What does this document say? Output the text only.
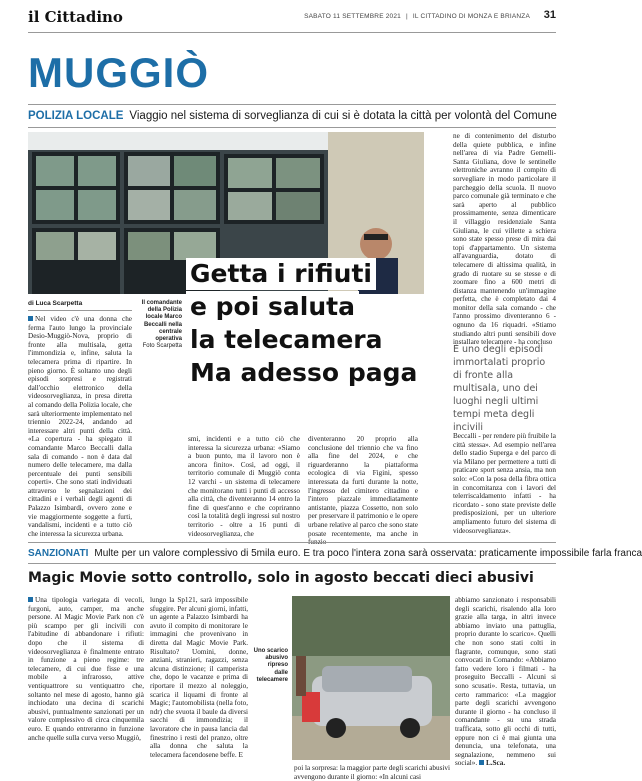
il Cittadino	SABATO 11 SETTEMBRE 2021 | IL CITTADINO DI MONZA E BRIANZA 31
MUGGIÒ
POLIZIA LOCALE Viaggio nel sistema di sorveglianza di cui si è dotata la città per volontà del Comune
Getta i rifiuti
e poi saluta
la telecamera
Ma adesso paga
di Luca Scarpetta
Nel video c'è una donna che ferma l'auto lungo la provinciale Desio-Muggiò-Nova, proprio di fronte alla multisala, getta l'immondizia e, infine, saluta la telecamera prima di ripartire. In pieno giorno. È soltanto uno degli episodi sorpresi e registrati dall'occhio elettronico della videosorveglianza, in presa diretta al comando della Polizia locale, che sarà ulteriormente implementato nel triennio 2022-24, andando ad interessare altri punti della città. «La copertura - ha spiegato il comandante Marco Beccalli dalla sala di comando - non è data dal numero delle telecamere, ma dalla percentuale dei punti sensibili coperti». Che sono stati individuati attraverso le segnalazioni dei cittadini e i verbali degli agenti di Palazzo Isimbardi, ovvero zone e vie maggiormente soggette a furti, vandalismi, incidenti e a tutto ciò che interessa la sicurezza urbana.
Il comandante
della Polizia
locale Marco
Beccalli nella
centrale
operativa
Foto Scarpetta
smi, incidenti e a tutto ciò che interessa la sicurezza urbana: «Siamo a buon punto, ma il lavoro non è ancora finito». Così, ad oggi, il territorio comunale di Muggiò conta 12 varchi - un sistema di telecamere che monitorano tutti i punti di accesso alla città, che diventeranno 14 entro la fine di quest'anno e che copriranno così la totalità degli ingressi sul nostro territorio - oltre a 16 punti di videosorveglianza, che
diventeranno 20 proprio alla conclusione del triennio che va fino alla fine del 2024, e che riguarderanno la piattaforma ecologica di via Figini, spesso interessata da furti durante la notte, l'ingresso del cimitero cittadino e l'intero piazzale immediatamente antistante, piazza Cossetto, non solo per preservare il patrimonio e le opere urbane relative al parco che sono state posate recentemente, ma anche in
ne di contenimento del disturbo della quiete pubblica, e infine nell'area di via Padre Gemelli-Santa Giuliana, dove le sentinelle elettroniche avranno il compito di sorvegliare in modo particolare il parcheggio della scuola. Il nuovo parco comunale già terminato e che sarà aperto al pubblico prossimamente, senza dimenticare il villaggio residenziale Santa Giuliana, le cui villette a schiera sono state spesso prese di mira dai topi d'appartamento. Un sistema all'avanguardia, dotato di telecamere di altissima qualità, in grado di ruotare su se stesse e di zoomare fino a 600 metri di distanza mantenendo un'immagine perfetta, che è completato dai 4 monitor della sala comando - che l'anno prossimo diventeranno 6 - ognuno da 16 riquadri. «Stiamo studiando altri punti sensibili dove installare telecamere - ha concluso
È uno degli episodi immortalati proprio di fronte alla multisala, uno dei luoghi negli ultimi tempi meta degli incivili
Beccalli - per rendere più fruibile la città stessa». Ad esempio nell'area dello stadio Superga e del parco di via Milano per permettere a tutti di praticare sport senza ansia, ma non solo: «Con la posa della fibra ottica in concomitanza con i lavori del telerriscaldamento infatti - ha ricordato - sono state previste delle predisposizioni, per un ulteriore ampliamento futuro del sistema di videosorveglianza».
SANZIONATI Multe per un valore complessivo di 5mila euro. E tra poco l'intera zona sarà osservata: praticamente impossibile farla franca
Magic Movie sotto controllo, solo in agosto beccati dieci abusivi
Una tipologia variegata di vecoli, furgoni, auto, camper, ma anche persone. Al Magic Movie Park non c'è più scampo per gli incivili con l'abitudine di abbandonare i rifiuti: dopo che il sistema di videosorveglianza è finalmente entrato in funzione a pieno regime: tre telecamere, di cui due fisse e una mobile a infrarosso, attive ventiquattrore su ventiquattro che, soltanto nel mese di agosto, hanno già inchiodato una decina di scarichi abusivi, puntualmente sanzionati per un valore complessivo di circa cinquemila euro. E quando entreranno in funzione anche quelle sulla curva verso Muggiò,
lungo la Sp121, sarà impossibile sfuggire. Per alcuni giorni, infatti, un agente a Palazzo Isimbardi ha avuto il compito di monitorare le immagini che provenivano in diretta dal Magic Movie Park. Risultato? Uomini, donne, anziani, stranieri, ragazzi, senza alcuna distinzione; il camperista che, dopo le vacanze e prima di riportare il mezzo al noleggio, scarica il liquami di fronte al Magic; l'automobilista (nella foto, ndr) che svuota il baule da diversi sacchi di immondizia; il lavoratore che in pausa lancia dal finestrino i resti del pranzo, oltre alla donna che saluta la telecamera facendosene beffe. E
Uno scarico
abusivo ripreso
dalle telecamere
poi la sorpresa: la maggior parte degli scarichi abusivi avvengono durante il giorno: «In alcuni casi
abbiamo sanzionato i responsabili degli scarichi, risalendo alla loro grazie alla targa, in altri invece abbiamo inviato una pattuglia, proprio durante lo scarico». Quelli che non sono stati colti in flagrante, comunque, sono stati convocati in Comando: «Abbiamo fatto vedere loro i filmati - ha proseguito Beccalli - Alcuni si sono scusati». Resta, tuttavia, un certo rammarico: «La maggior parte degli scarichi avvengono durante il giorno - ha concluso il comandante - su una strada trafficata, sotto gli occhi di tutti, eppure non ci è mai giunta una denuncia, una telefonata, una segnalazione, nemmeno sui social». L.Sca.
